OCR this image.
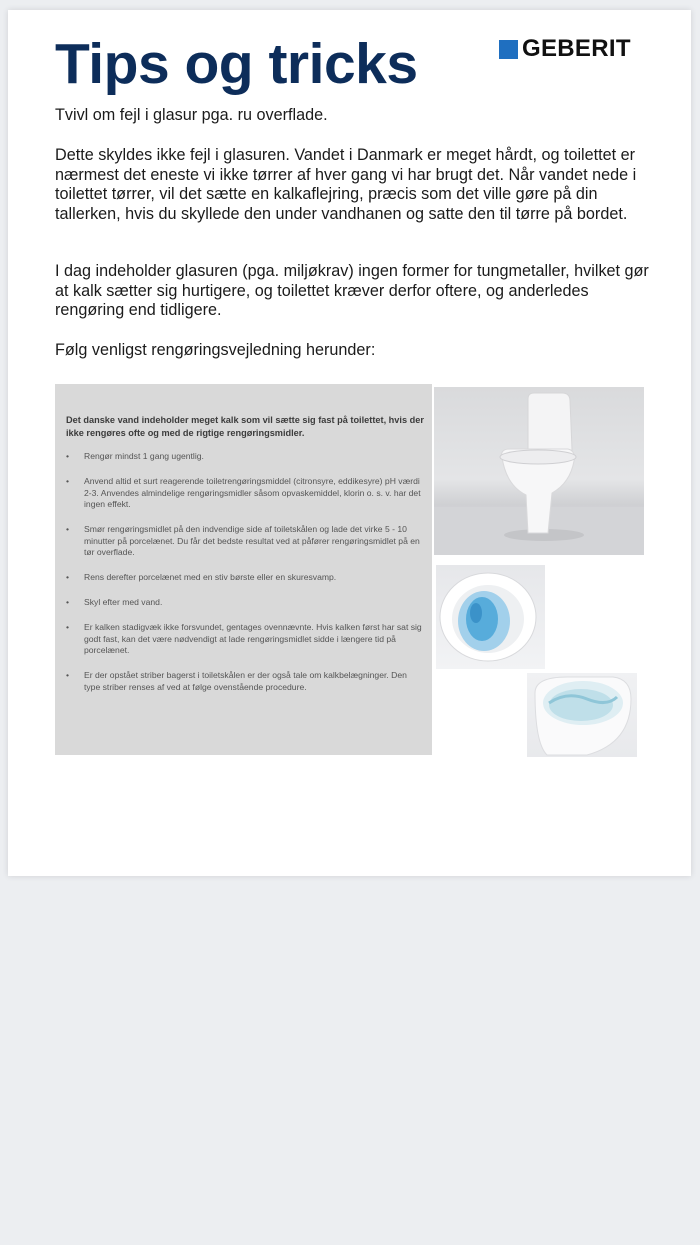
Tips og tricks	GEBERIT

Tvivl om fejl i glasur pga. ru overflade.

Dette skyldes ikke fejl i glasuren. Vandet i Danmark er meget hårdt, og toilettet er nærmest det eneste vi ikke tørrer af hver gang vi har brugt det. Når vandet nede i toilettet tørrer, vil det sætte en kalkaflejring, præcis som det ville gøre på din tallerken, hvis du skyllede den under vandhanen og satte den til tørre på bordet.

I dag indeholder glasuren (pga. miljøkrav) ingen former for tungmetaller, hvilket gør at kalk sætter sig hurtigere, og toilettet kræver derfor oftere, og anderledes rengøring end tidligere.

Følg venligst rengøringsvejledning herunder:

Det danske vand indeholder meget kalk som vil sætte sig fast på toilettet, hvis der ikke rengøres ofte og med de rigtige rengøringsmidler.

• Rengør mindst 1 gang ugentlig.
• Anvend altid et surt reagerende toiletrengøringsmiddel (citronsyre, eddikesyre) pH værdi 2-3. Anvendes almindelige rengøringsmidler såsom opvaskemiddel, klorin o. s. v. har det ingen effekt.
• Smør rengøringsmidlet på den indvendige side af toiletskålen og lade det virke 5 - 10 minutter på porcelænet. Du får det bedste resultat ved at påfører rengøringsmidlet på en tør overflade.
• Rens derefter porcelænet med en stiv børste eller en skuresvamp.
• Skyl efter med vand.
• Er kalken stadigvæk ikke forsvundet, gentages ovennævnte. Hvis kalken først har sat sig godt fast, kan det være nødvendigt at lade rengøringsmidlet sidde i længere tid på porcelænet.
• Er der opstået striber bagerst i toiletskålen er der også tale om kalkbelægninger. Den type striber renses af ved at følge ovenstående procedure.
